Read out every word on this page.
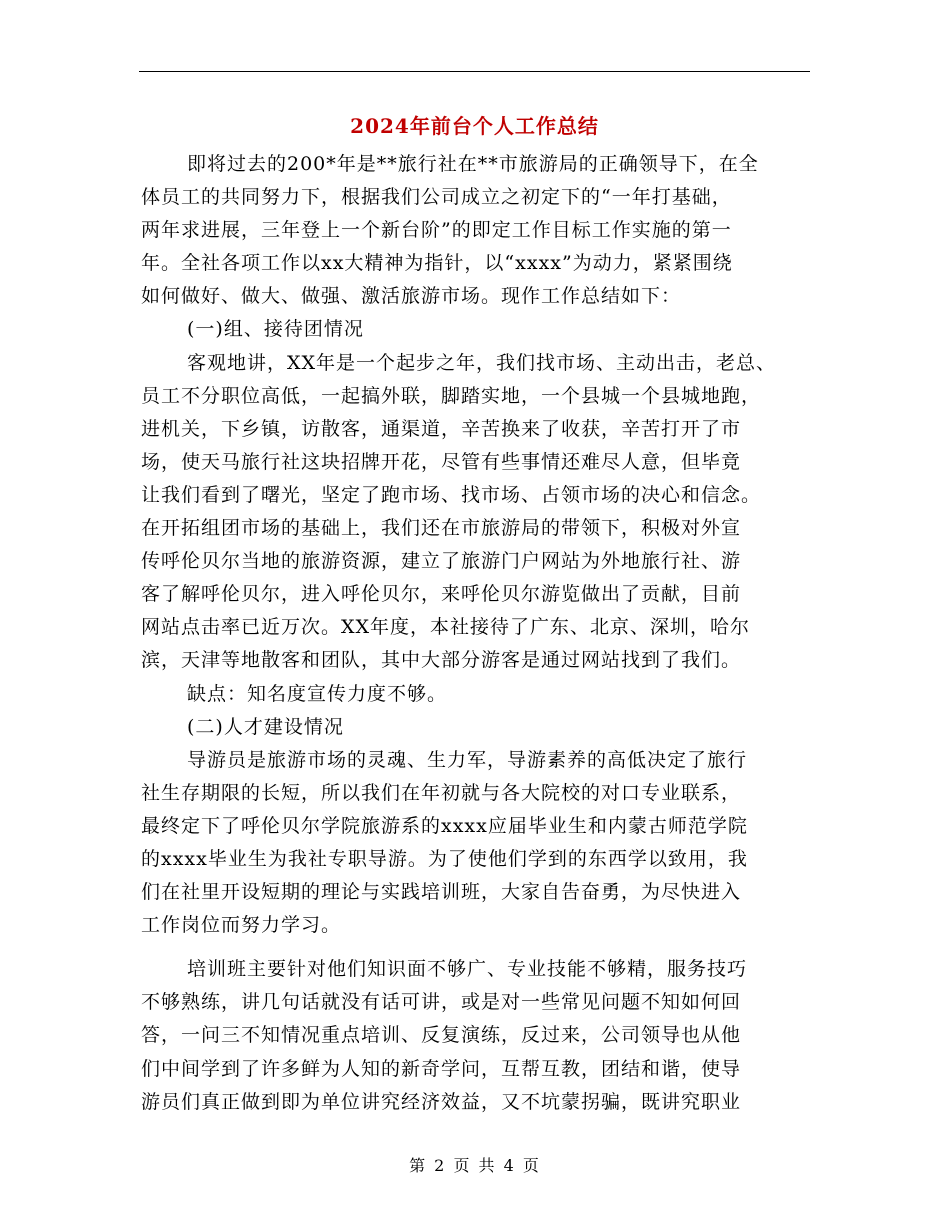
2024年前台个人工作总结
即将过去的200*年是**旅行社在**市旅游局的正确领导下，在全
体员工的共同努力下，根据我们公司成立之初定下的“一年打基础，
两年求进展，三年登上一个新台阶”的即定工作目标工作实施的第一
年。全社各项工作以xx大精神为指针，以“xxxx”为动力，紧紧围绕
如何做好、做大、做强、激活旅游市场。现作工作总结如下：
(一)组、接待团情况
客观地讲，XX年是一个起步之年，我们找市场、主动出击，老总、
员工不分职位高低，一起搞外联，脚踏实地，一个县城一个县城地跑，
进机关，下乡镇，访散客，通渠道，辛苦换来了收获，辛苦打开了市
场，使天马旅行社这块招牌开花，尽管有些事情还难尽人意，但毕竟
让我们看到了曙光，坚定了跑市场、找市场、占领市场的决心和信念。
在开拓组团市场的基础上，我们还在市旅游局的带领下，积极对外宣
传呼伦贝尔当地的旅游资源，建立了旅游门户网站为外地旅行社、游
客了解呼伦贝尔，进入呼伦贝尔，来呼伦贝尔游览做出了贡献，目前
网站点击率已近万次。XX年度，本社接待了广东、北京、深圳，哈尔
滨，天津等地散客和团队，其中大部分游客是通过网站找到了我们。
缺点：知名度宣传力度不够。
(二)人才建设情况
导游员是旅游市场的灵魂、生力军，导游素养的高低决定了旅行
社生存期限的长短，所以我们在年初就与各大院校的对口专业联系，
最终定下了呼伦贝尔学院旅游系的xxxx应届毕业生和内蒙古师范学院
的xxxx毕业生为我社专职导游。为了使他们学到的东西学以致用，我
们在社里开设短期的理论与实践培训班，大家自告奋勇，为尽快进入
工作岗位而努力学习。
培训班主要针对他们知识面不够广、专业技能不够精，服务技巧
不够熟练，讲几句话就没有话可讲，或是对一些常见问题不知如何回
答，一问三不知情况重点培训、反复演练，反过来，公司领导也从他
们中间学到了许多鲜为人知的新奇学问，互帮互教，团结和谐，使导
游员们真正做到即为单位讲究经济效益，又不坑蒙拐骗，既讲究职业
第 2 页 共 4 页
